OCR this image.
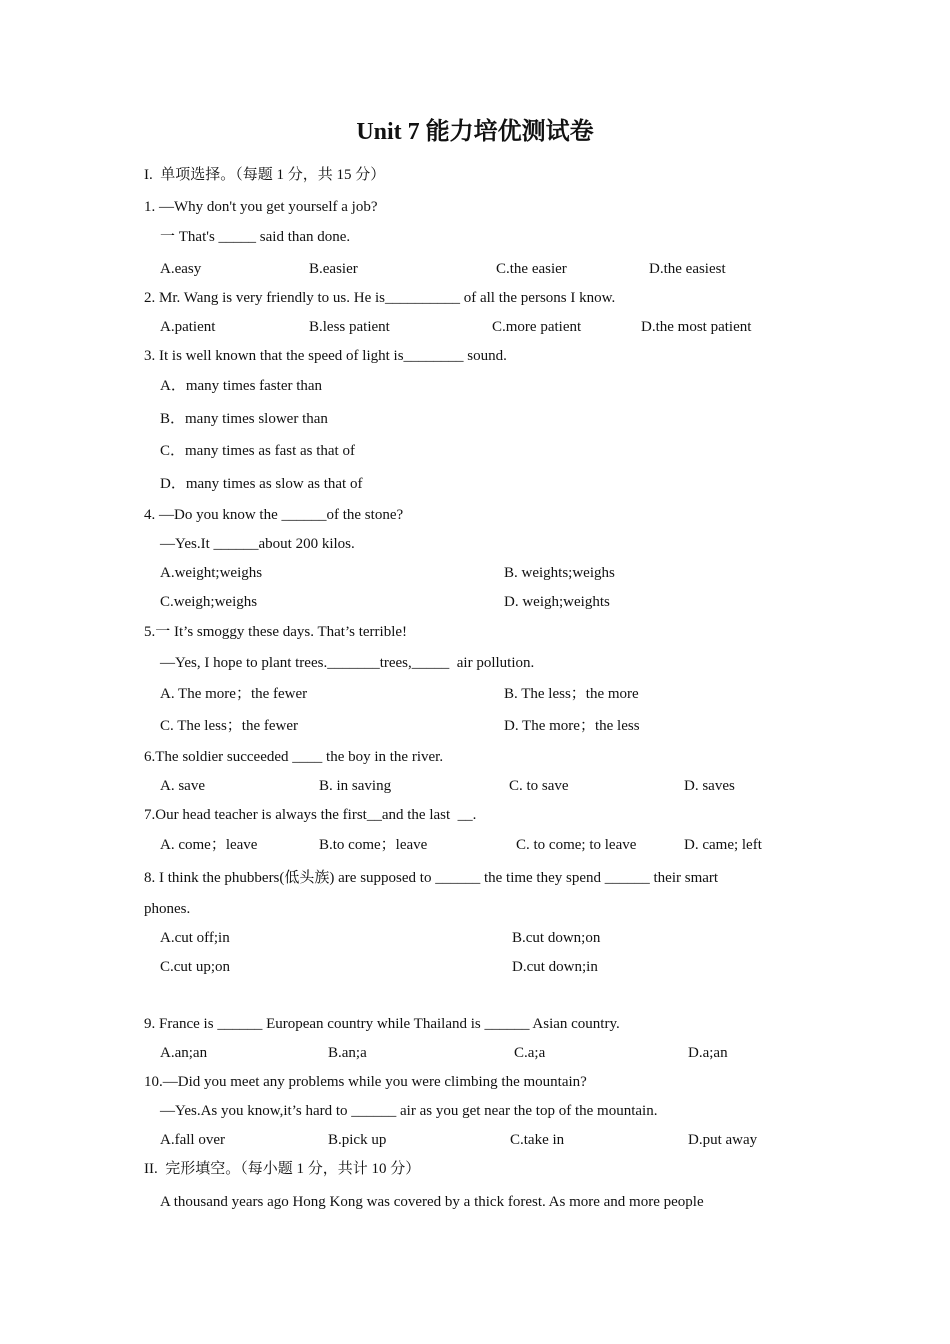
Unit 7 能力培优测试卷
I.  单项选择。（每题 1 分，共 15 分）
1. —Why don't you get yourself a job?
一 That's _____ said than done.
A.easy	B.easier	C.the easier	D.the easiest
2. Mr. Wang is very friendly to us. He is__________ of all the persons I know.
A.patient	B.less patient	C.more patient	D.the most patient
3. It is well known that the speed of light is________ sound.
A．many times faster than
B．many times slower than
C．many times as fast as that of
D．many times as slow as that of
4. —Do you know the ______of the stone?
—Yes.It ______about 200 kilos.
A.weight;weighs	B. weights;weighs
C.weigh;weighs	D. weigh;weights
5.一 It’s smoggy these days. That’s terrible!
—Yes, I hope to plant trees._______trees,_____  air pollution.
A. The more；the fewer	B. The less；the more
C. The less；the fewer	D. The more；the less
6.The soldier succeeded ____ the boy in the river.
A. save	B. in saving	C. to save	D. saves
7.Our head teacher is always the first__and the last  __.
A. come；leave	B.to come；leave	C. to come; to leave	D. came; left
8. I think the phubbers(低头族) are supposed to ______ the time they spend ______ their smart
phones.
A.cut off;in	B.cut down;on
C.cut up;on	D.cut down;in
9. France is ______ European country while Thailand is ______ Asian country.
A.an;an	B.an;a	C.a;a	D.a;an
10.—Did you meet any problems while you were climbing the mountain?
—Yes.As you know,it’s hard to ______ air as you get near the top of the mountain.
A.fall over	B.pick up	C.take in	D.put away
II.  完形填空。（每小题 1 分，共计 10 分）
A thousand years ago Hong Kong was covered by a thick forest. As more and more people
